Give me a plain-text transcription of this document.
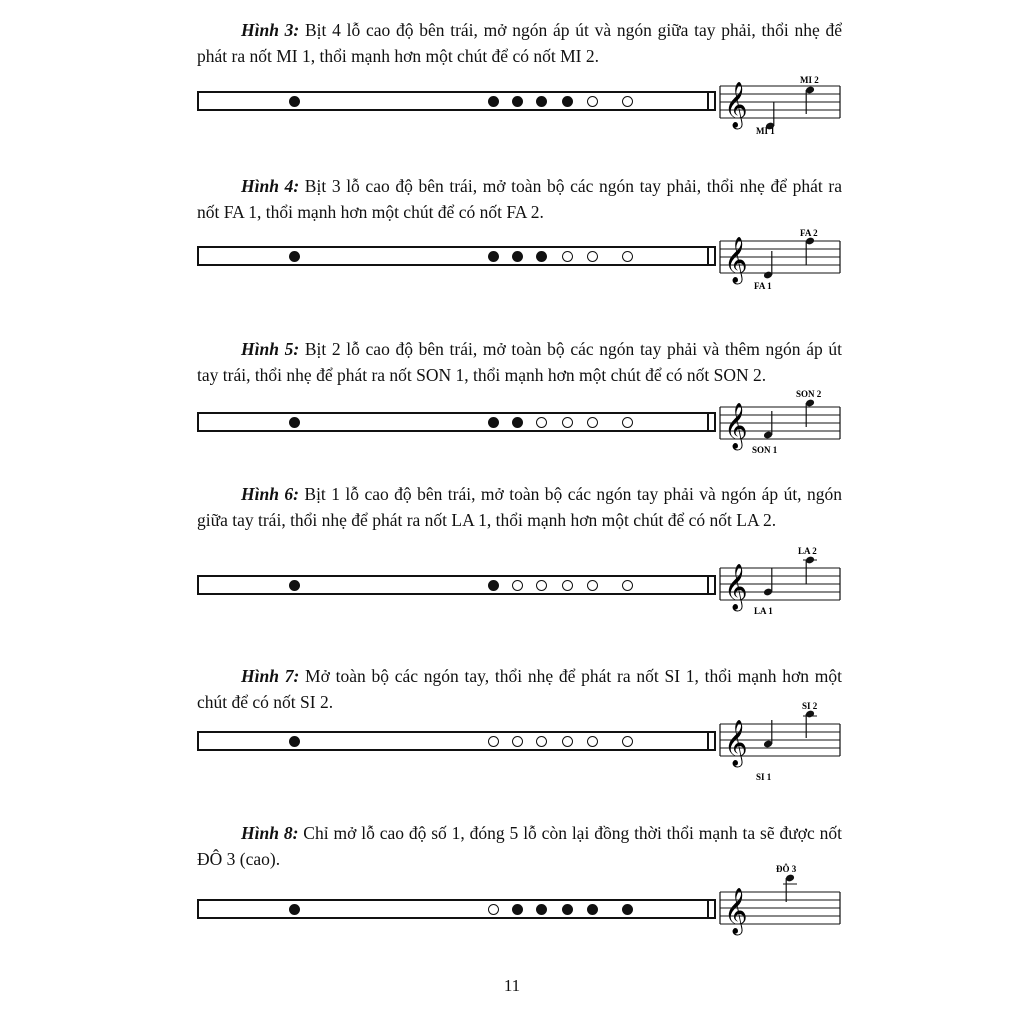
Hình 3: Bịt 4 lỗ cao độ bên trái, mở ngón áp út và ngón giữa tay phải, thổi nhẹ để phát ra nốt MI 1, thổi mạnh hơn một chút để có nốt MI 2.
𝄞
MI 2
MI 1
Hình 4: Bịt 3 lỗ cao độ bên trái, mở toàn bộ các ngón tay phải, thổi nhẹ để phát ra nốt FA 1, thổi mạnh hơn một chút để có nốt FA 2.
𝄞
FA 2
FA 1
Hình 5: Bịt 2 lỗ cao độ bên trái, mở toàn bộ các ngón tay phải và thêm ngón áp út tay trái, thổi nhẹ để phát ra nốt SON 1, thổi mạnh hơn một chút để có nốt SON 2.
𝄞
SON 2
SON 1
Hình 6: Bịt 1 lỗ cao độ bên trái, mở toàn bộ các ngón tay phải và ngón áp út, ngón giữa tay trái, thổi nhẹ để phát ra nốt LA 1, thổi mạnh hơn một chút để có nốt LA 2.
𝄞
LA 2
LA 1
Hình 7: Mở toàn bộ các ngón tay, thổi nhẹ để phát ra nốt SI 1, thổi mạnh hơn một chút để có nốt SI 2.
𝄞
SI 2
SI 1
Hình 8: Chỉ mở lỗ cao độ số 1, đóng 5 lỗ còn lại đồng thời thổi mạnh ta sẽ được nốt ĐÔ 3 (cao).
𝄞
ĐÔ 3
11
